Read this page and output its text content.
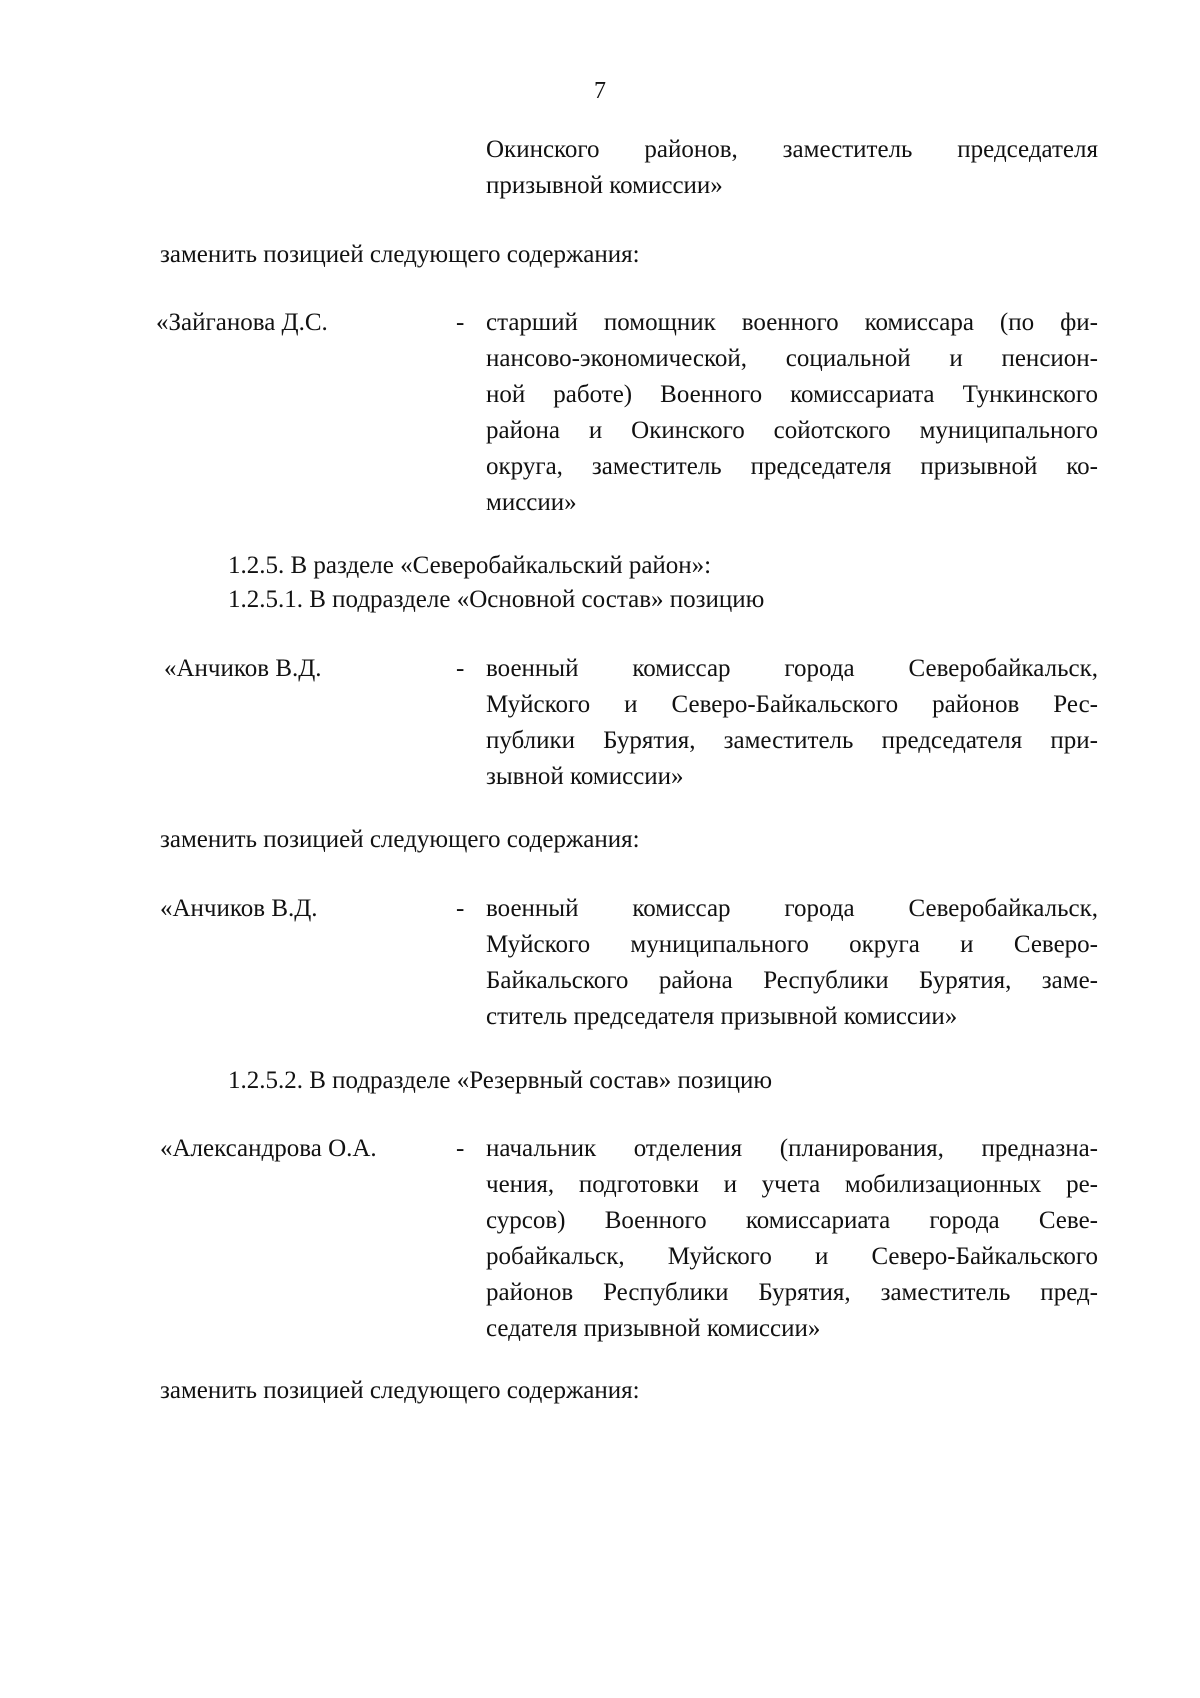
7
Окинского районов, заместитель председателя
призывной комиссии»
заменить позицией следующего содержания:
«Зайганова Д.С.	- старший помощник военного комиссара (по фи-
нансово-экономической, социальной и пенсион-
ной работе) Военного комиссариата Тункинского
района и Окинского сойотского муниципального
округа, заместитель председателя призывной ко-
миссии»
1.2.5. В разделе «Северобайкальский район»:
1.2.5.1. В подразделе «Основной состав» позицию
«Анчиков В.Д.	- военный комиссар города Северобайкальск,
Муйского и Северо-Байкальского районов Рес-
публики Бурятия, заместитель председателя при-
зывной комиссии»
заменить позицией следующего содержания:
«Анчиков В.Д.	- военный комиссар города Северобайкальск,
Муйского муниципального округа и Северо-
Байкальского района Республики Бурятия, заме-
ститель председателя призывной комиссии»
1.2.5.2. В подразделе «Резервный состав» позицию
«Александрова О.А.	- начальник отделения (планирования, предназна-
чения, подготовки и учета мобилизационных ре-
сурсов) Военного комиссариата города Севе-
робайкальск, Муйского и Северо-Байкальского
районов Республики Бурятия, заместитель пред-
седателя призывной комиссии»
заменить позицией следующего содержания:
